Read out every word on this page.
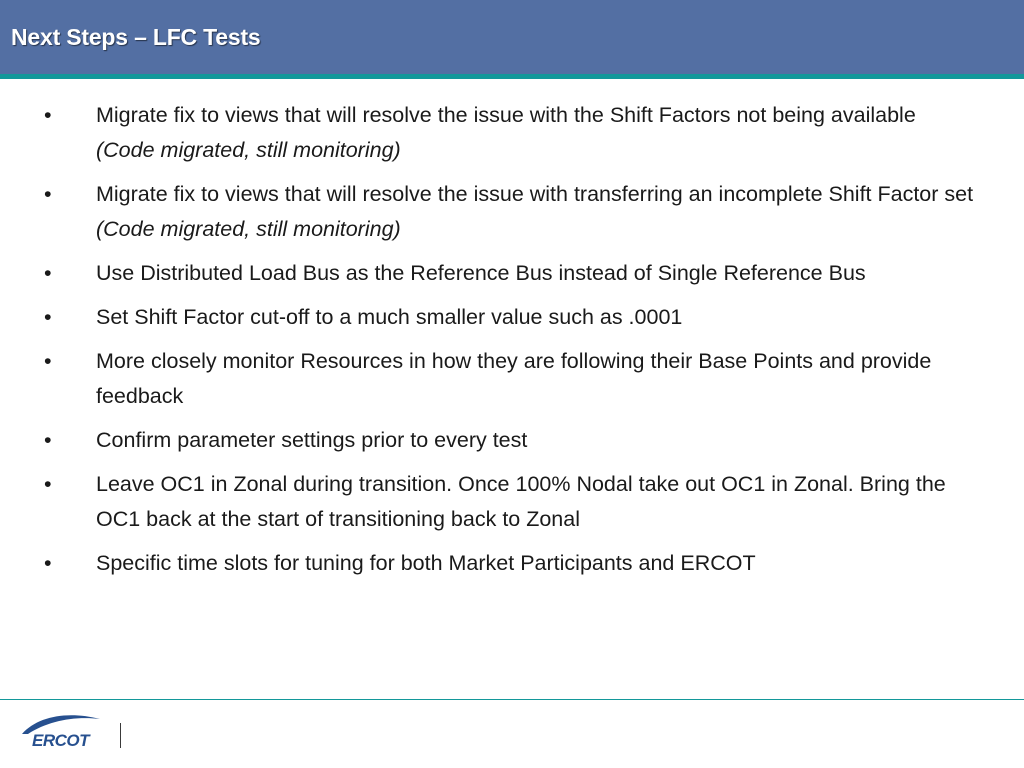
Next Steps – LFC Tests
• Migrate fix to views that will resolve the issue with the Shift Factors not being available (Code migrated, still monitoring)
• Migrate fix to views that will resolve the issue with transferring an incomplete Shift Factor set (Code migrated, still monitoring)
• Use Distributed Load Bus as the Reference Bus instead of Single Reference Bus
• Set Shift Factor cut-off to a much smaller value such as .0001
• More closely monitor Resources in how they are following their Base Points and provide feedback
• Confirm parameter settings prior to every test
• Leave OC1 in Zonal during transition. Once 100% Nodal take out OC1 in Zonal. Bring the OC1 back at the start of transitioning back to Zonal
• Specific time slots for tuning for both Market Participants and ERCOT
ERCOT
